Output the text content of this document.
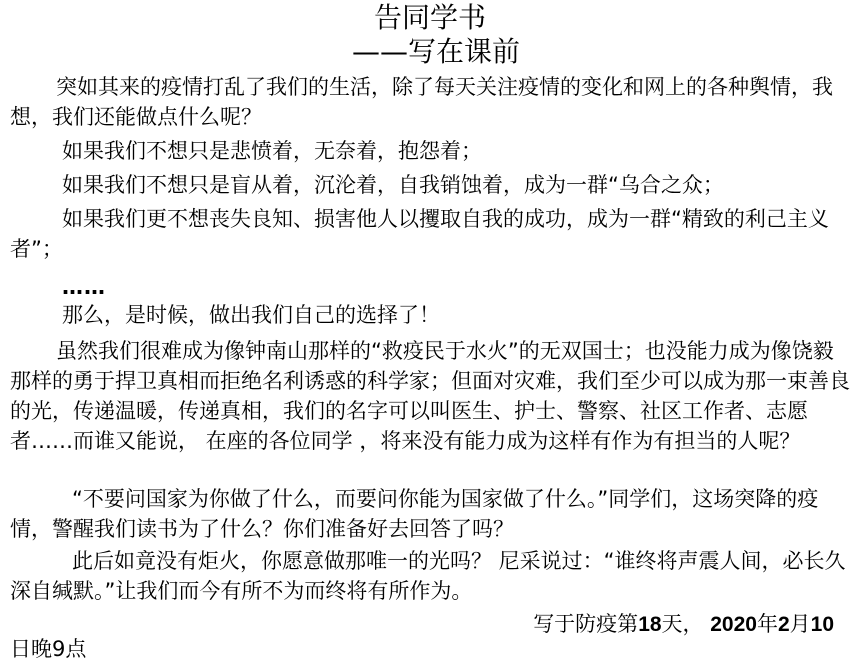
告同学书
——写在课前

突如其来的疫情打乱了我们的生活，除了每天关注疫情的变化和网上的各种舆情，我想，我们还能做点什么呢？

如果我们不想只是悲愤着，无奈着，抱怨着；

如果我们不想只是盲从着，沉沦着，自我销蚀着，成为一群“乌合之众；

如果我们更不想丧失良知、损害他人以攫取自我的成功，成为一群“精致的利己主义者”；

……

那么，是时候，做出我们自己的选择了！

虽然我们很难成为像钟南山那样的“救疫民于水火”的无双国士；也没能力成为像饶毅那样的勇于捍卫真相而拒绝名利诱惑的科学家；但面对灾难，我们至少可以成为那一束善良的光，传递温暖，传递真相，我们的名字可以叫医生、护士、警察、社区工作者、志愿者……而谁又能说， 在座的各位同学 ，将来没有能力成为这样有作为有担当的人呢？

“不要问国家为你做了什么，而要问你能为国家做了什么。”同学们，这场突降的疫情，警醒我们读书为了什么？你们准备好去回答了吗？

此后如竟没有炬火，你愿意做那唯一的光吗？ 尼采说过：“谁终将声震人间，必长久深自缄默。”让我们而今有所不为而终将有所作为。

写于防疫第18天， 2020年2月10
日晚9点
